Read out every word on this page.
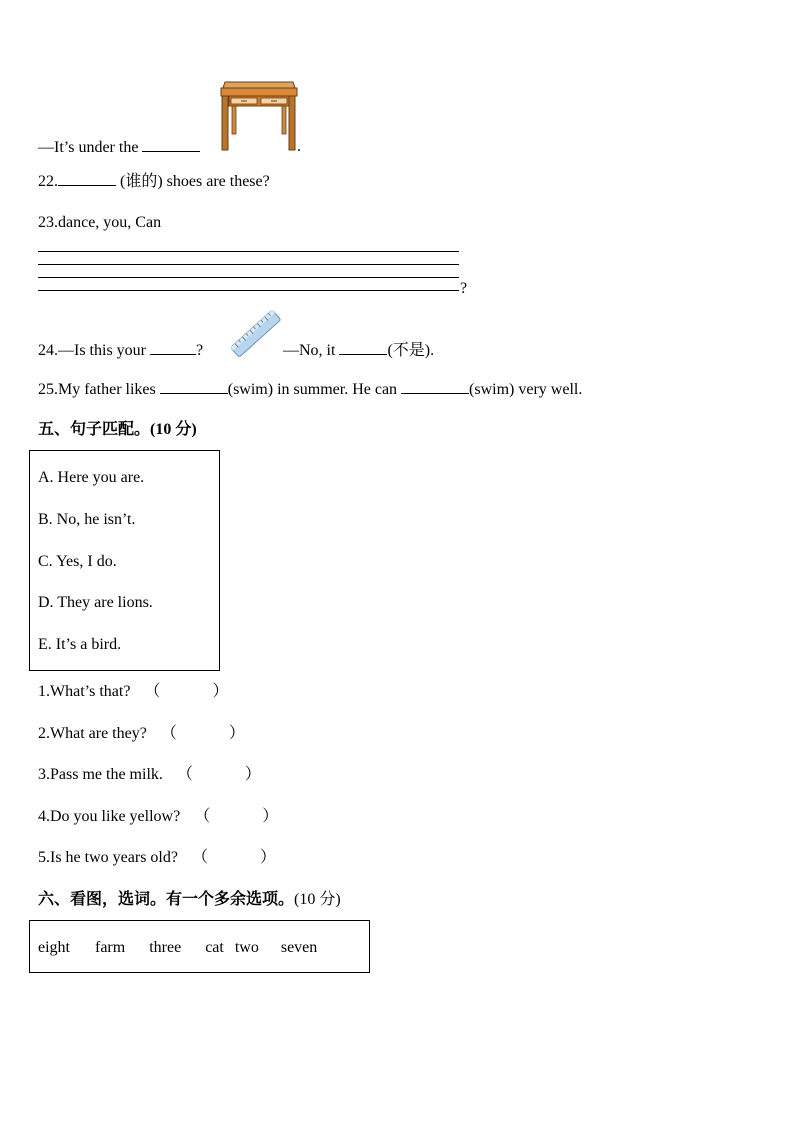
—It’s under the	.
22.	(谁的) shoes are these?
23.dance, you, Can
?
24.—Is this your	?	—No, it	(不是).
25.My father likes	(swim) in summer. He can	(swim) very well.
五、句子匹配。(10 分)
A. Here you are.
B. No, he isn’t.
C. Yes, I do.
D. They are lions.
E. It’s a bird.
1.What’s that? （	）
2.What are they? （	）
3.Pass me the milk. （	）
4.Do you like yellow? （	）
5.Is he two years old? （	）
六、看图，选词。有一个多余选项。(10 分)
eight farm three cat two seven
